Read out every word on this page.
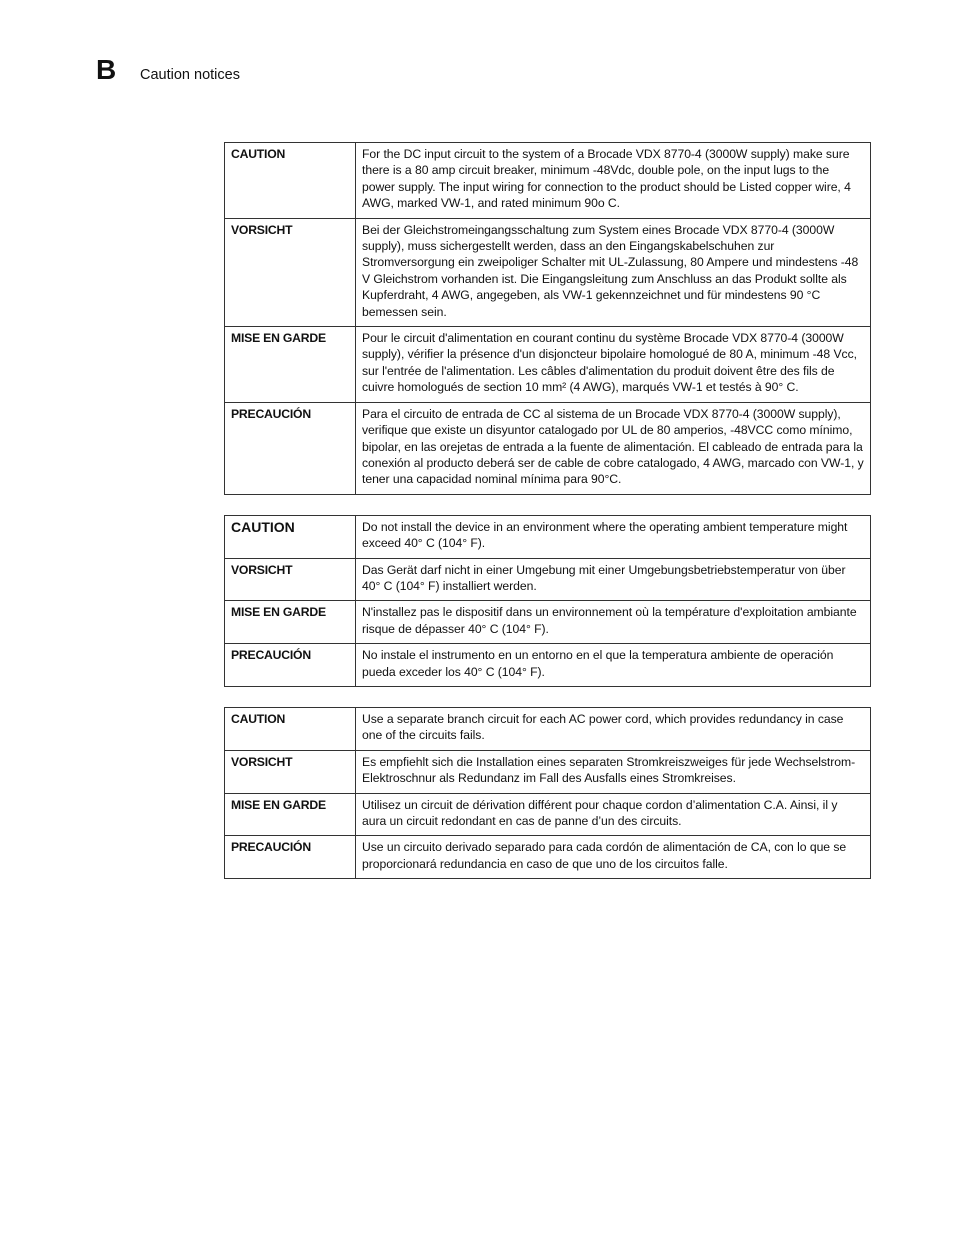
B	Caution notices
CAUTION	For the DC input circuit to the system of a Brocade VDX 8770-4 (3000W supply) make sure there is a 80 amp circuit breaker, minimum -48Vdc, double pole, on the input lugs to the power supply. The input wiring for connection to the product should be Listed copper wire, 4 AWG, marked VW-1, and rated minimum 90o C.
VORSICHT	Bei der Gleichstromeingangsschaltung zum System eines Brocade VDX 8770-4 (3000W supply), muss sichergestellt werden, dass an den Eingangskabelschuhen zur Stromversorgung ein zweipoliger Schalter mit UL-Zulassung, 80 Ampere und mindestens -48 V Gleichstrom vorhanden ist. Die Eingangsleitung zum Anschluss an das Produkt sollte als Kupferdraht, 4 AWG, angegeben, als VW-1 gekennzeichnet und für mindestens 90 °C bemessen sein.
MISE EN GARDE	Pour le circuit d'alimentation en courant continu du système Brocade VDX 8770-4 (3000W supply), vérifier la présence d'un disjoncteur bipolaire homologué de 80 A, minimum -48 Vcc, sur l'entrée de l'alimentation. Les câbles d'alimentation du produit doivent être des fils de cuivre homologués de section 10 mm² (4 AWG), marqués VW-1 et testés à 90° C.
PRECAUCIÓN	Para el circuito de entrada de CC al sistema de un Brocade VDX 8770-4 (3000W supply), verifique que existe un disyuntor catalogado por UL de 80 amperios, -48VCC como mínimo, bipolar, en las orejetas de entrada a la fuente de alimentación. El cableado de entrada para la conexión al producto deberá ser de cable de cobre catalogado, 4 AWG, marcado con VW-1, y tener una capacidad nominal mínima para 90°C.
CAUTION	Do not install the device in an environment where the operating ambient temperature might exceed 40° C (104° F).
VORSICHT	Das Gerät darf nicht in einer Umgebung mit einer Umgebungsbetriebstemperatur von über 40° C (104° F) installiert werden.
MISE EN GARDE	N'installez pas le dispositif dans un environnement où la température d'exploitation ambiante risque de dépasser 40° C (104° F).
PRECAUCIÓN	No instale el instrumento en un entorno en el que la temperatura ambiente de operación pueda exceder los 40° C (104° F).
CAUTION	Use a separate branch circuit for each AC power cord, which provides redundancy in case one of the circuits fails.
VORSICHT	Es empfiehlt sich die Installation eines separaten Stromkreiszweiges für jede Wechselstrom-Elektroschnur als Redundanz im Fall des Ausfalls eines Stromkreises.
MISE EN GARDE	Utilisez un circuit de dérivation différent pour chaque cordon d’alimentation C.A. Ainsi, il y aura un circuit redondant en cas de panne d’un des circuits.
PRECAUCIÓN	Use un circuito derivado separado para cada cordón de alimentación de CA, con lo que se proporcionará redundancia en caso de que uno de los circuitos falle.
